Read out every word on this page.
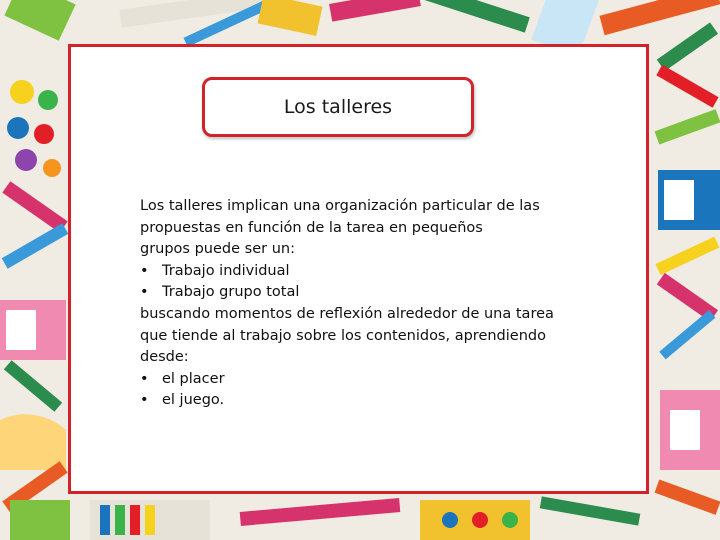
Los talleres
Los talleres implican una organización particular de las
propuestas en función de la tarea en pequeños
grupos puede ser un:
• Trabajo individual
• Trabajo grupo total
buscando momentos de reflexión alrededor de una tarea
que tiende al trabajo sobre los contenidos, aprendiendo
desde:
• el placer
• el juego.
